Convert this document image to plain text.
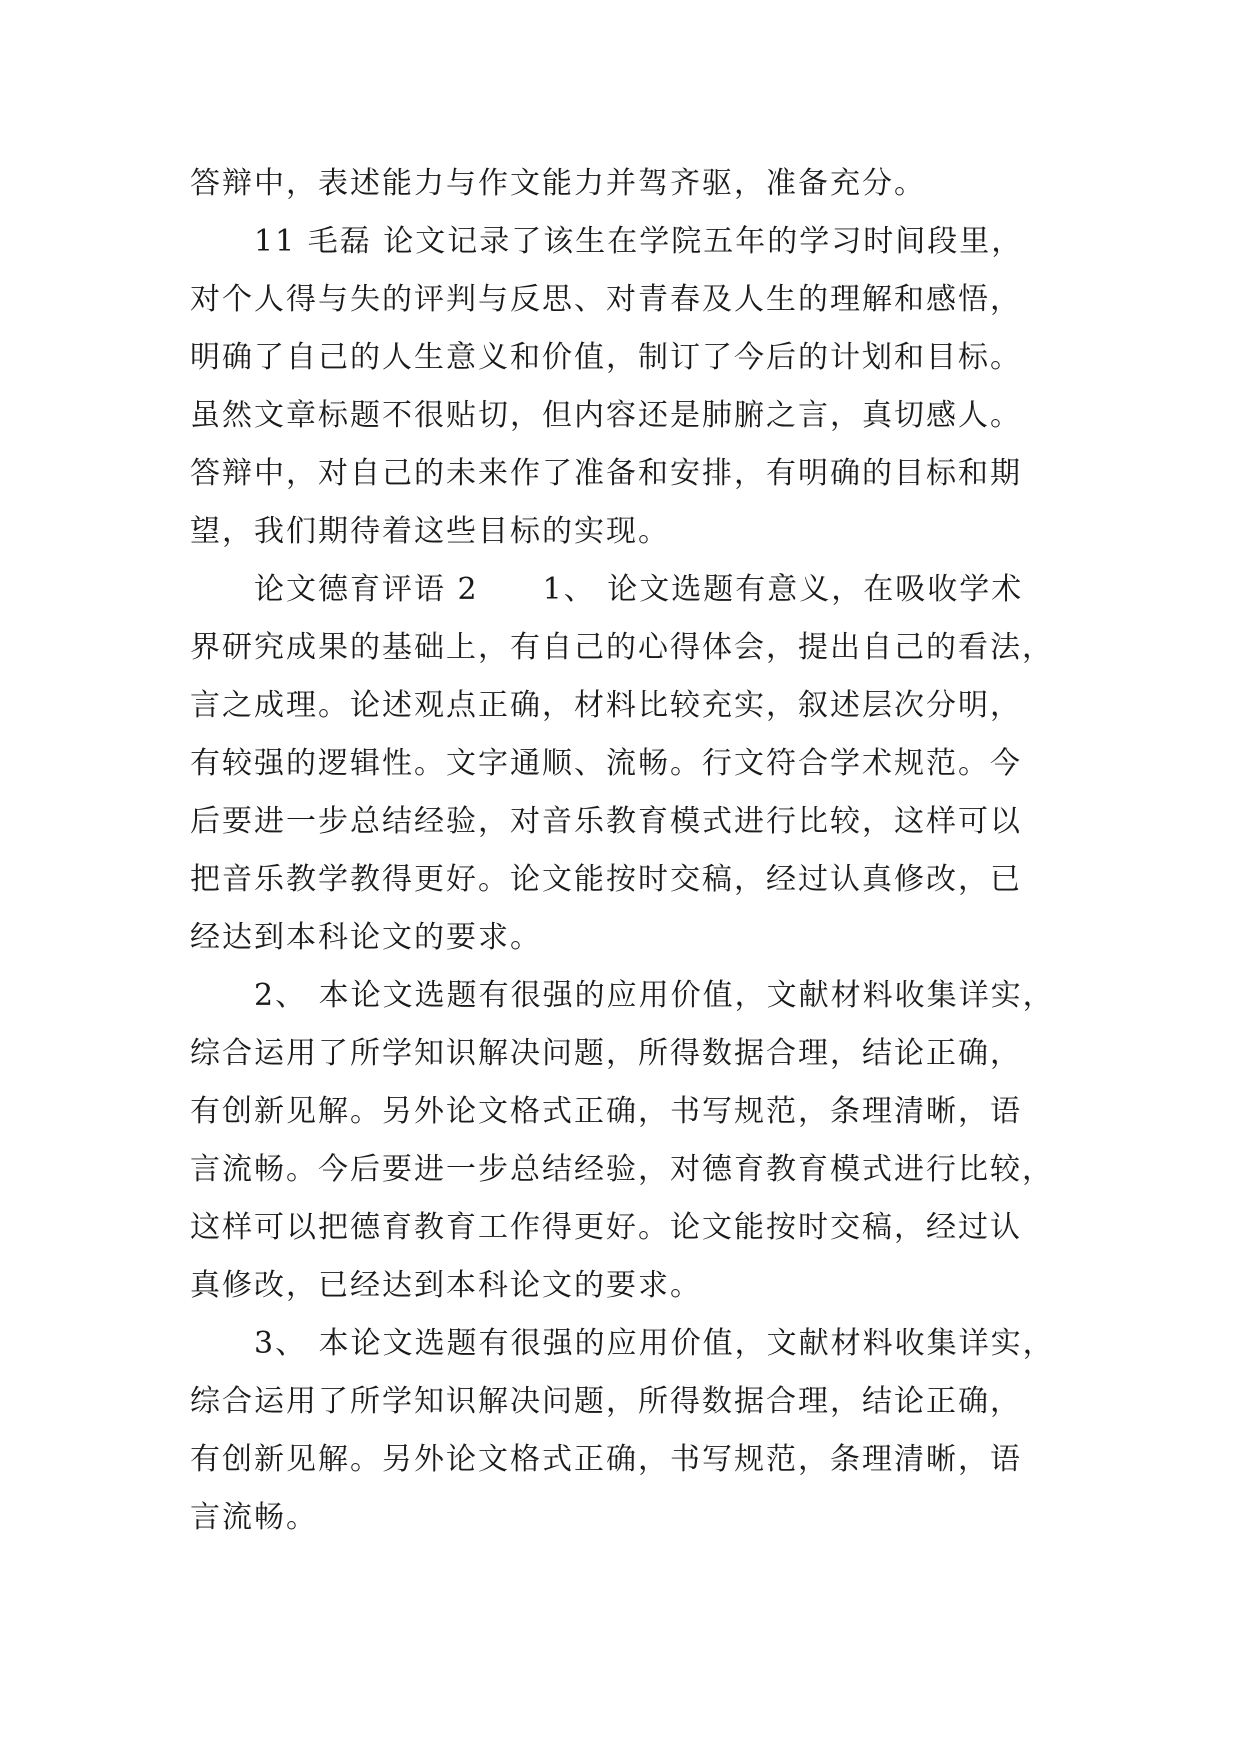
答辩中，表述能力与作文能力并驾齐驱，准备充分。
11 毛磊 论文记录了该生在学院五年的学习时间段里，
对个人得与失的评判与反思、对青春及人生的理解和感悟，
明确了自己的人生意义和价值，制订了今后的计划和目标。
虽然文章标题不很贴切，但内容还是肺腑之言，真切感人。
答辩中，对自己的未来作了准备和安排，有明确的目标和期
望，我们期待着这些目标的实现。
论文德育评语 2　　1、 论文选题有意义，在吸收学术
界研究成果的基础上，有自己的心得体会，提出自己的看法，
言之成理。论述观点正确，材料比较充实，叙述层次分明，
有较强的逻辑性。文字通顺、流畅。行文符合学术规范。今
后要进一步总结经验，对音乐教育模式进行比较，这样可以
把音乐教学教得更好。论文能按时交稿，经过认真修改，已
经达到本科论文的要求。
2、 本论文选题有很强的应用价值，文献材料收集详实，
综合运用了所学知识解决问题，所得数据合理，结论正确，
有创新见解。另外论文格式正确，书写规范，条理清晰，语
言流畅。今后要进一步总结经验，对德育教育模式进行比较，
这样可以把德育教育工作得更好。论文能按时交稿，经过认
真修改，已经达到本科论文的要求。
3、 本论文选题有很强的应用价值，文献材料收集详实，
综合运用了所学知识解决问题，所得数据合理，结论正确，
有创新见解。另外论文格式正确，书写规范，条理清晰，语
言流畅。
